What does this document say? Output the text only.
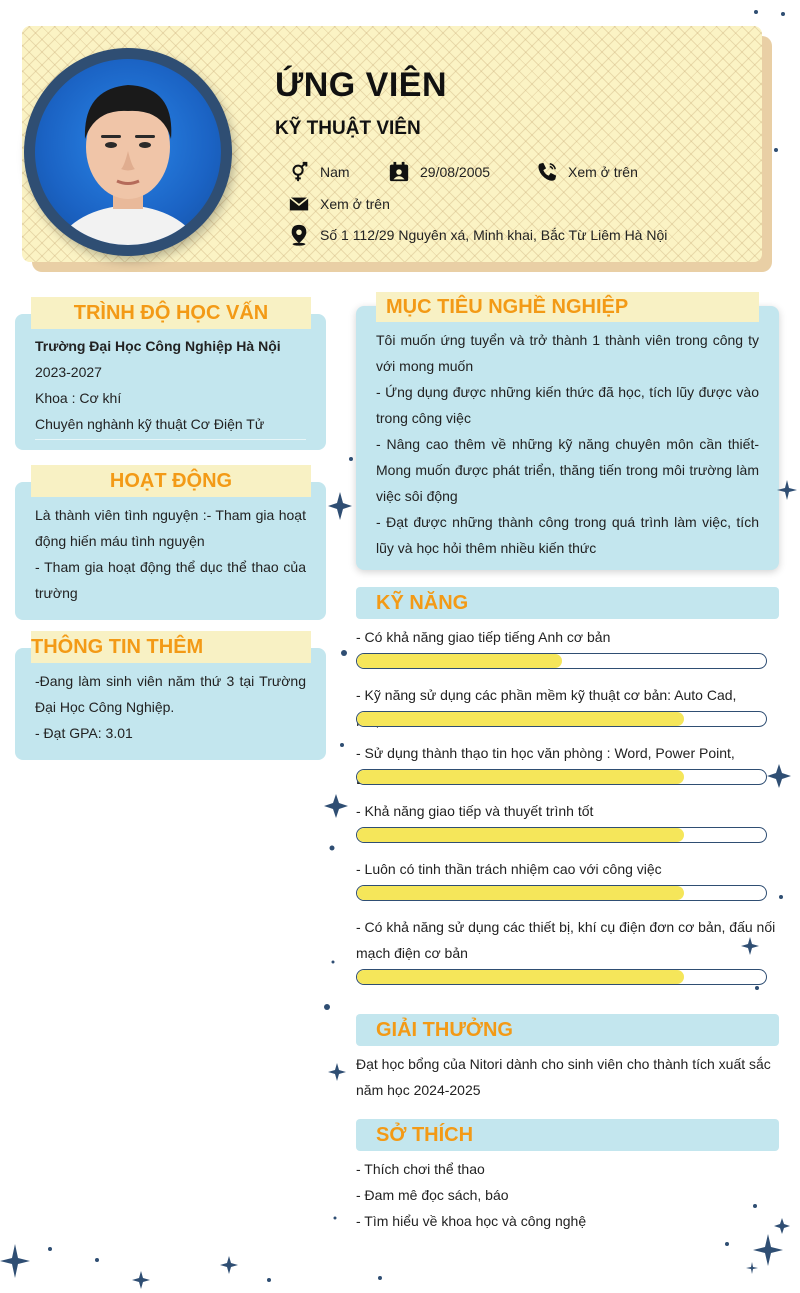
ỨNG VIÊN
KỸ THUẬT VIÊN
Nam	29/08/2005	Xem ở trên
Xem ở trên
Số 1 112/29 Nguyên xá, Minh khai, Bắc Từ Liêm Hà Nội
TRÌNH ĐỘ HỌC VẤN
Trường Đại Học Công Nghiệp Hà Nội
2023-2027
Khoa : Cơ khí
Chuyên nghành kỹ thuật Cơ Điện Tử
HOẠT ĐỘNG

Là thành viên tình nguyện :- Tham gia hoạt động hiến máu tình nguyện

- Tham gia hoạt động thể dục thể thao của trường

THÔNG TIN THÊM

-Đang làm sinh viên năm thứ 3 tại Trường Đại Học Công Nghiệp.

- Đạt GPA: 3.01

MỤC TIÊU NGHỀ NGHIỆP

Tôi muốn ứng tuyển và trở thành 1 thành viên trong công ty với mong muốn

- Ứng dụng được những kiến thức đã học, tích lũy được vào trong công việc

- Nâng cao thêm về những kỹ năng chuyên môn cần thiết- Mong muốn được phát triển, thăng tiến trong môi trường làm việc sôi động

- Đạt được những thành công trong quá trình làm việc, tích lũy và học hỏi thêm nhiều kiến thức

KỸ NĂNG
- Có khả năng giao tiếp tiếng Anh cơ bản
- Kỹ năng sử dụng các phần mềm kỹ thuật cơ bản: Auto Cad,
- Sử dụng thành thạo tin học văn phòng : Word, Power Point,
- Khả năng giao tiếp và thuyết trình tốt
- Luôn có tinh thần trách nhiệm cao với công việc
- Có khả năng sử dụng các thiết bị, khí cụ điện đơn cơ bản, đấu nối mạch điện cơ bản
GIẢI THƯỞNG
Đạt học bổng của Nitori dành cho sinh viên cho thành tích xuất sắc năm học 2024-2025
SỞ THÍCH
- Thích chơi thể thao
- Đam mê đọc sách, báo
- Tìm hiểu về khoa học và công nghệ
